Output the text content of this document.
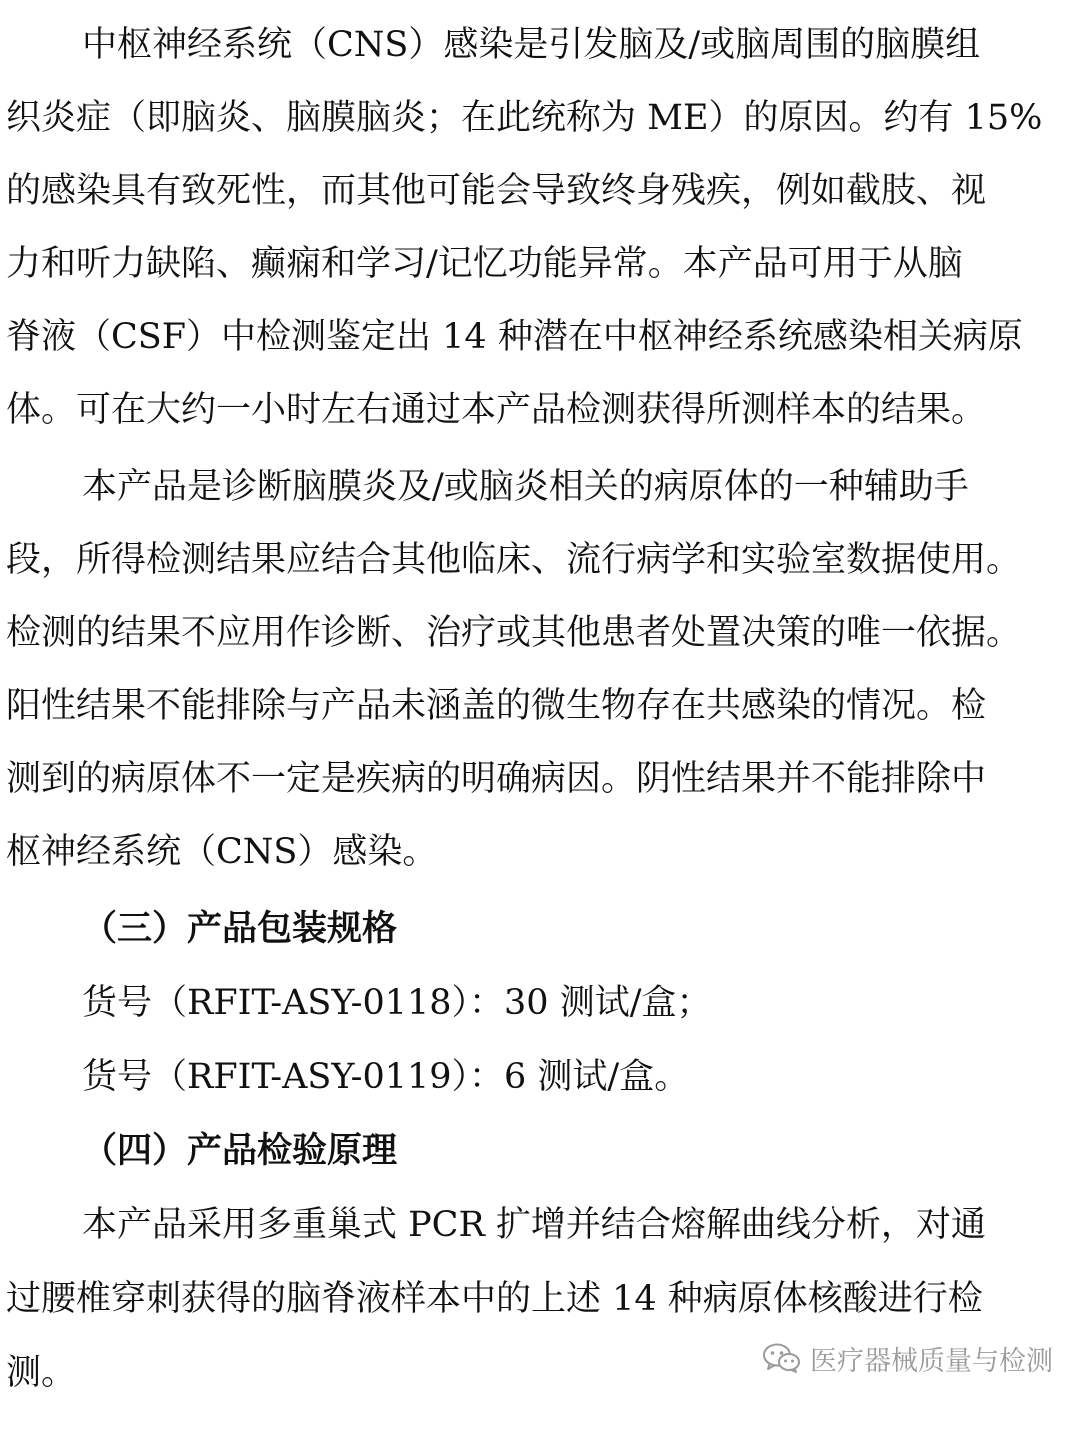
中枢神经系统（CNS）感染是引发脑及/或脑周围的脑膜组
织炎症（即脑炎、脑膜脑炎；在此统称为 ME）的原因。约有 15%
的感染具有致死性，而其他可能会导致终身残疾，例如截肢、视
力和听力缺陷、癫痫和学习/记忆功能异常。本产品可用于从脑
脊液（CSF）中检测鉴定出 14 种潜在中枢神经系统感染相关病原
体。可在大约一小时左右通过本产品检测获得所测样本的结果。
本产品是诊断脑膜炎及/或脑炎相关的病原体的一种辅助手
段，所得检测结果应结合其他临床、流行病学和实验室数据使用。
检测的结果不应用作诊断、治疗或其他患者处置决策的唯一依据。
阳性结果不能排除与产品未涵盖的微生物存在共感染的情况。检
测到的病原体不一定是疾病的明确病因。阴性结果并不能排除中
枢神经系统（CNS）感染。
（三）产品包装规格
货号（RFIT-ASY-0118）：30 测试/盒；
货号（RFIT-ASY-0119）：6 测试/盒。
（四）产品检验原理
本产品采用多重巢式 PCR 扩增并结合熔解曲线分析，对通
过腰椎穿刺获得的脑脊液样本中的上述 14 种病原体核酸进行检
测。	医疗器械质量与检测
